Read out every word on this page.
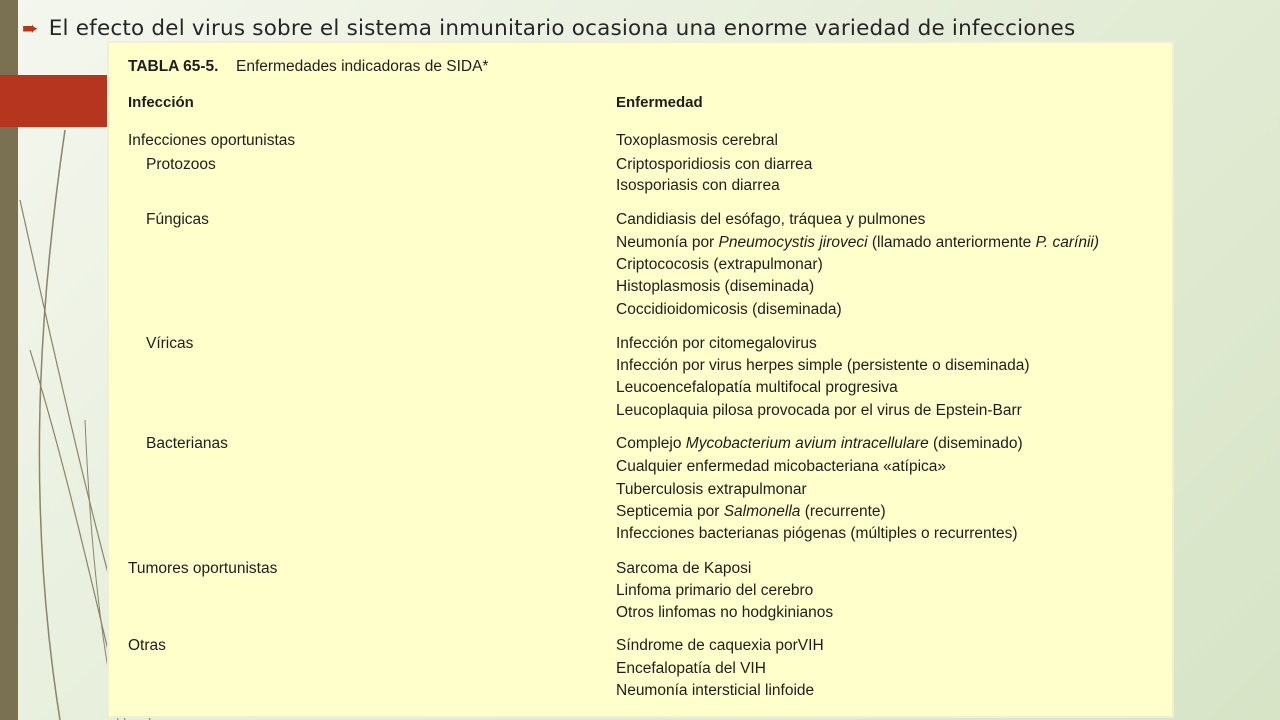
➨ El efecto del virus sobre el sistema inmunitario ocasiona una enorme variedad de infecciones
TABLA 65-5. Enfermedades indicadoras de SIDA*
Infección	Enfermedad
Infecciones oportunistas	Toxoplasmosis cerebral
Protozoos	Criptosporidiosis con diarrea
Isosporiasis con diarrea
Fúngicas	Candidiasis del esófago, tráquea y pulmones
Neumonía por Pneumocystis jiroveci (llamado anteriormente P. carínii)
Criptococosis (extrapulmonar)
Histoplasmosis (diseminada)
Coccidioidomicosis (diseminada)
Víricas	Infección por citomegalovirus
Infección por virus herpes simple (persistente o diseminada)
Leucoencefalopatía multifocal progresiva
Leucoplaquia pilosa provocada por el virus de Epstein-Barr
Bacterianas	Complejo Mycobacterium avium intracellulare (diseminado)
Cualquier enfermedad micobacteriana «atípica»
Tuberculosis extrapulmonar
Septicemia por Salmonella (recurrente)
Infecciones bacterianas piógenas (múltiples o recurrentes)
Tumores oportunistas	Sarcoma de Kaposi
Linfoma primario del cerebro
Otros linfomas no hodgkinianos
Otras	Síndrome de caquexia porVIH
Encefalopatía del VIH
Neumonía intersticial linfoide
